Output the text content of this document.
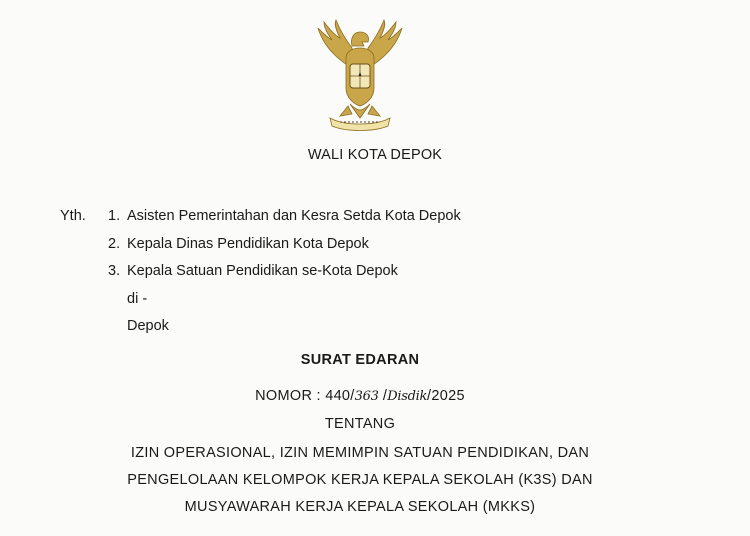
WALI KOTA DEPOK
Yth. 1. Asisten Pemerintahan dan Kesra Setda Kota Depok
2. Kepala Dinas Pendidikan Kota Depok
3. Kepala Satuan Pendidikan se-Kota Depok
di -
Depok
SURAT EDARAN
NOMOR : 440/363 /Disdik/2025
TENTANG
IZIN OPERASIONAL, IZIN MEMIMPIN SATUAN PENDIDIKAN, DAN
PENGELOLAAN KELOMPOK KERJA KEPALA SEKOLAH (K3S) DAN
MUSYAWARAH KERJA KEPALA SEKOLAH (MKKS)
